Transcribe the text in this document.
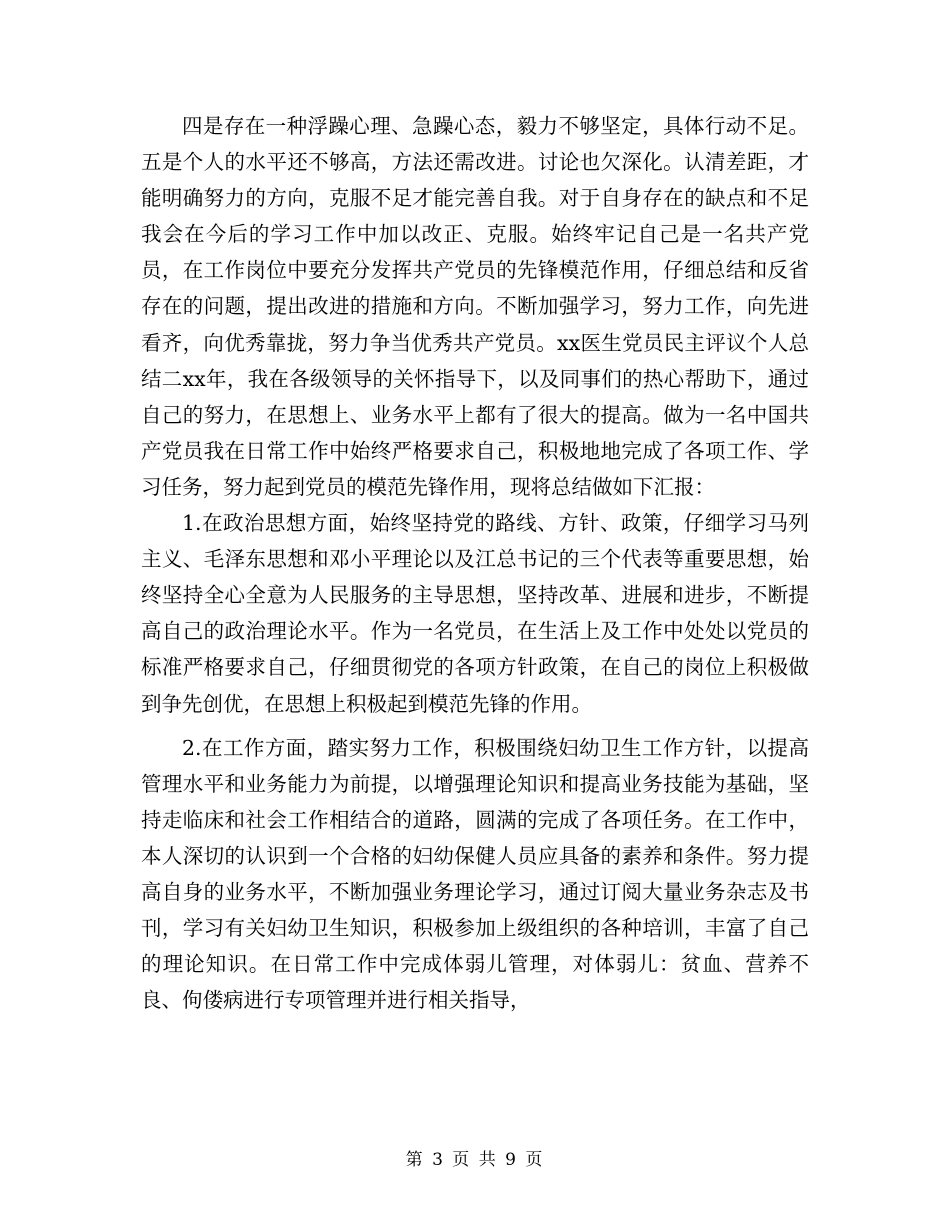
四是存在一种浮躁心理、急躁心态，毅力不够坚定，具体行动不足。五是个人的水平还不够高，方法还需改进。讨论也欠深化。认清差距，才能明确努力的方向，克服不足才能完善自我。对于自身存在的缺点和不足我会在今后的学习工作中加以改正、克服。始终牢记自己是一名共产党员，在工作岗位中要充分发挥共产党员的先锋模范作用，仔细总结和反省存在的问题，提出改进的措施和方向。不断加强学习，努力工作，向先进看齐，向优秀靠拢，努力争当优秀共产党员。xx医生党员民主评议个人总结二xx年，我在各级领导的关怀指导下，以及同事们的热心帮助下，通过自己的努力，在思想上、业务水平上都有了很大的提高。做为一名中国共产党员我在日常工作中始终严格要求自己，积极地地完成了各项工作、学习任务，努力起到党员的模范先锋作用，现将总结做如下汇报：

1.在政治思想方面，始终坚持党的路线、方针、政策，仔细学习马列主义、毛泽东思想和邓小平理论以及江总书记的三个代表等重要思想，始终坚持全心全意为人民服务的主导思想，坚持改革、进展和进步，不断提高自己的政治理论水平。作为一名党员，在生活上及工作中处处以党员的标准严格要求自己，仔细贯彻党的各项方针政策，在自己的岗位上积极做到争先创优，在思想上积极起到模范先锋的作用。

2.在工作方面，踏实努力工作，积极围绕妇幼卫生工作方针，以提高管理水平和业务能力为前提，以增强理论知识和提高业务技能为基础，坚持走临床和社会工作相结合的道路，圆满的完成了各项任务。在工作中，本人深切的认识到一个合格的妇幼保健人员应具备的素养和条件。努力提高自身的业务水平，不断加强业务理论学习，通过订阅大量业务杂志及书刊，学习有关妇幼卫生知识，积极参加上级组织的各种培训，丰富了自己的理论知识。在日常工作中完成体弱儿管理，对体弱儿：贫血、营养不良、佝偻病进行专项管理并进行相关指导，

第 3 页 共 9 页
